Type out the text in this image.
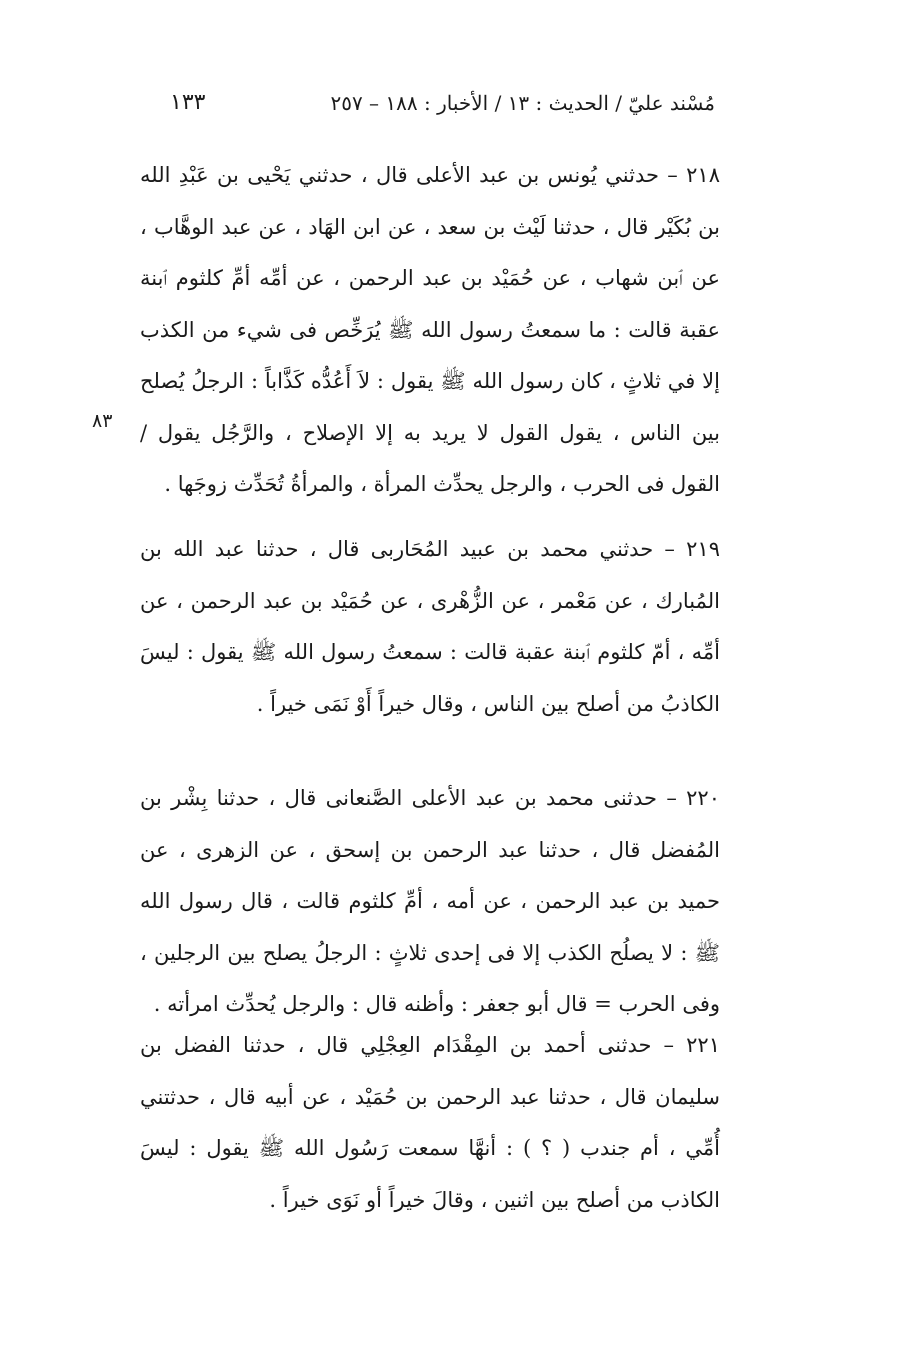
مُسْند عليّ / الحديث : ١٣ / الأخبار : ١٨٨ – ٢٥٧
١٣٣
٨٣

٢١٨ – حدثني يُونس بن عبد الأعلى قال ، حدثني يَحْيى بن عَبْدِ الله بن بُكَيْر قال ، حدثنا لَيْث بن سعد ، عن ابن الهَاد ، عن عبد الوهَّاب ، عن ٱبن شهاب ، عن حُمَيْد بن عبد الرحمن ، عن أمِّه أمِّ كلثوم ٱبنة عقبة قالت : ما سمعتُ رسول الله ﷺ يُرَخِّص فى شيء من الكذب إلا في ثلاثٍ ، كان رسول الله ﷺ يقول : لاَ أَعُدُّه كَذَّاباً : الرجلُ يُصلح بين الناس ، يقول القول لا يريد به إلا الإصلاح ، والرَّجُل يقول / القول فى الحرب ، والرجل يحدِّث المرأة ، والمرأةُ تُحَدِّث زوجَها .

٢١٩ – حدثني محمد بن عبيد المُحَاربى قال ، حدثنا عبد الله بن المُبارك ، عن مَعْمر ، عن الزُّهْرى ، عن حُمَيْد بن عبد الرحمن ، عن أمِّه ، أمّ كلثوم ٱبنة عقبة قالت : سمعتُ رسول الله ﷺ يقول : ليسَ الكاذبُ من أصلح بين الناس ، وقال خيراً أَوْ نَمَى خيراً .

٢٢٠ – حدثنى محمد بن عبد الأعلى الصَّنعانى قال ، حدثنا بِشْر بن المُفضل قال ، حدثنا عبد الرحمن بن إسحق ، عن الزهرى ، عن حميد بن عبد الرحمن ، عن أمه ، أمِّ كلثوم قالت ، قال رسول الله ﷺ : لا يصلُح الكذب إلا فى إحدى ثلاثٍ : الرجلُ يصلح بين الرجلين ، وفى الحرب = قال أبو جعفر : وأظنه قال : والرجل يُحدِّث امرأته .

٢٢١ – حدثنى أحمد بن المِقْدَام العِجْلِي قال ، حدثنا الفضل بن سليمان قال ، حدثنا عبد الرحمن بن حُمَيْد ، عن أبيه قال ، حدثتني أُمِّي ، أم جندب ( ؟ ) : أنهَّا سمعت رَسُول الله ﷺ يقول : ليسَ الكاذب من أصلح بين اثنين ، وقالَ خيراً أو نَوَى خيراً .
